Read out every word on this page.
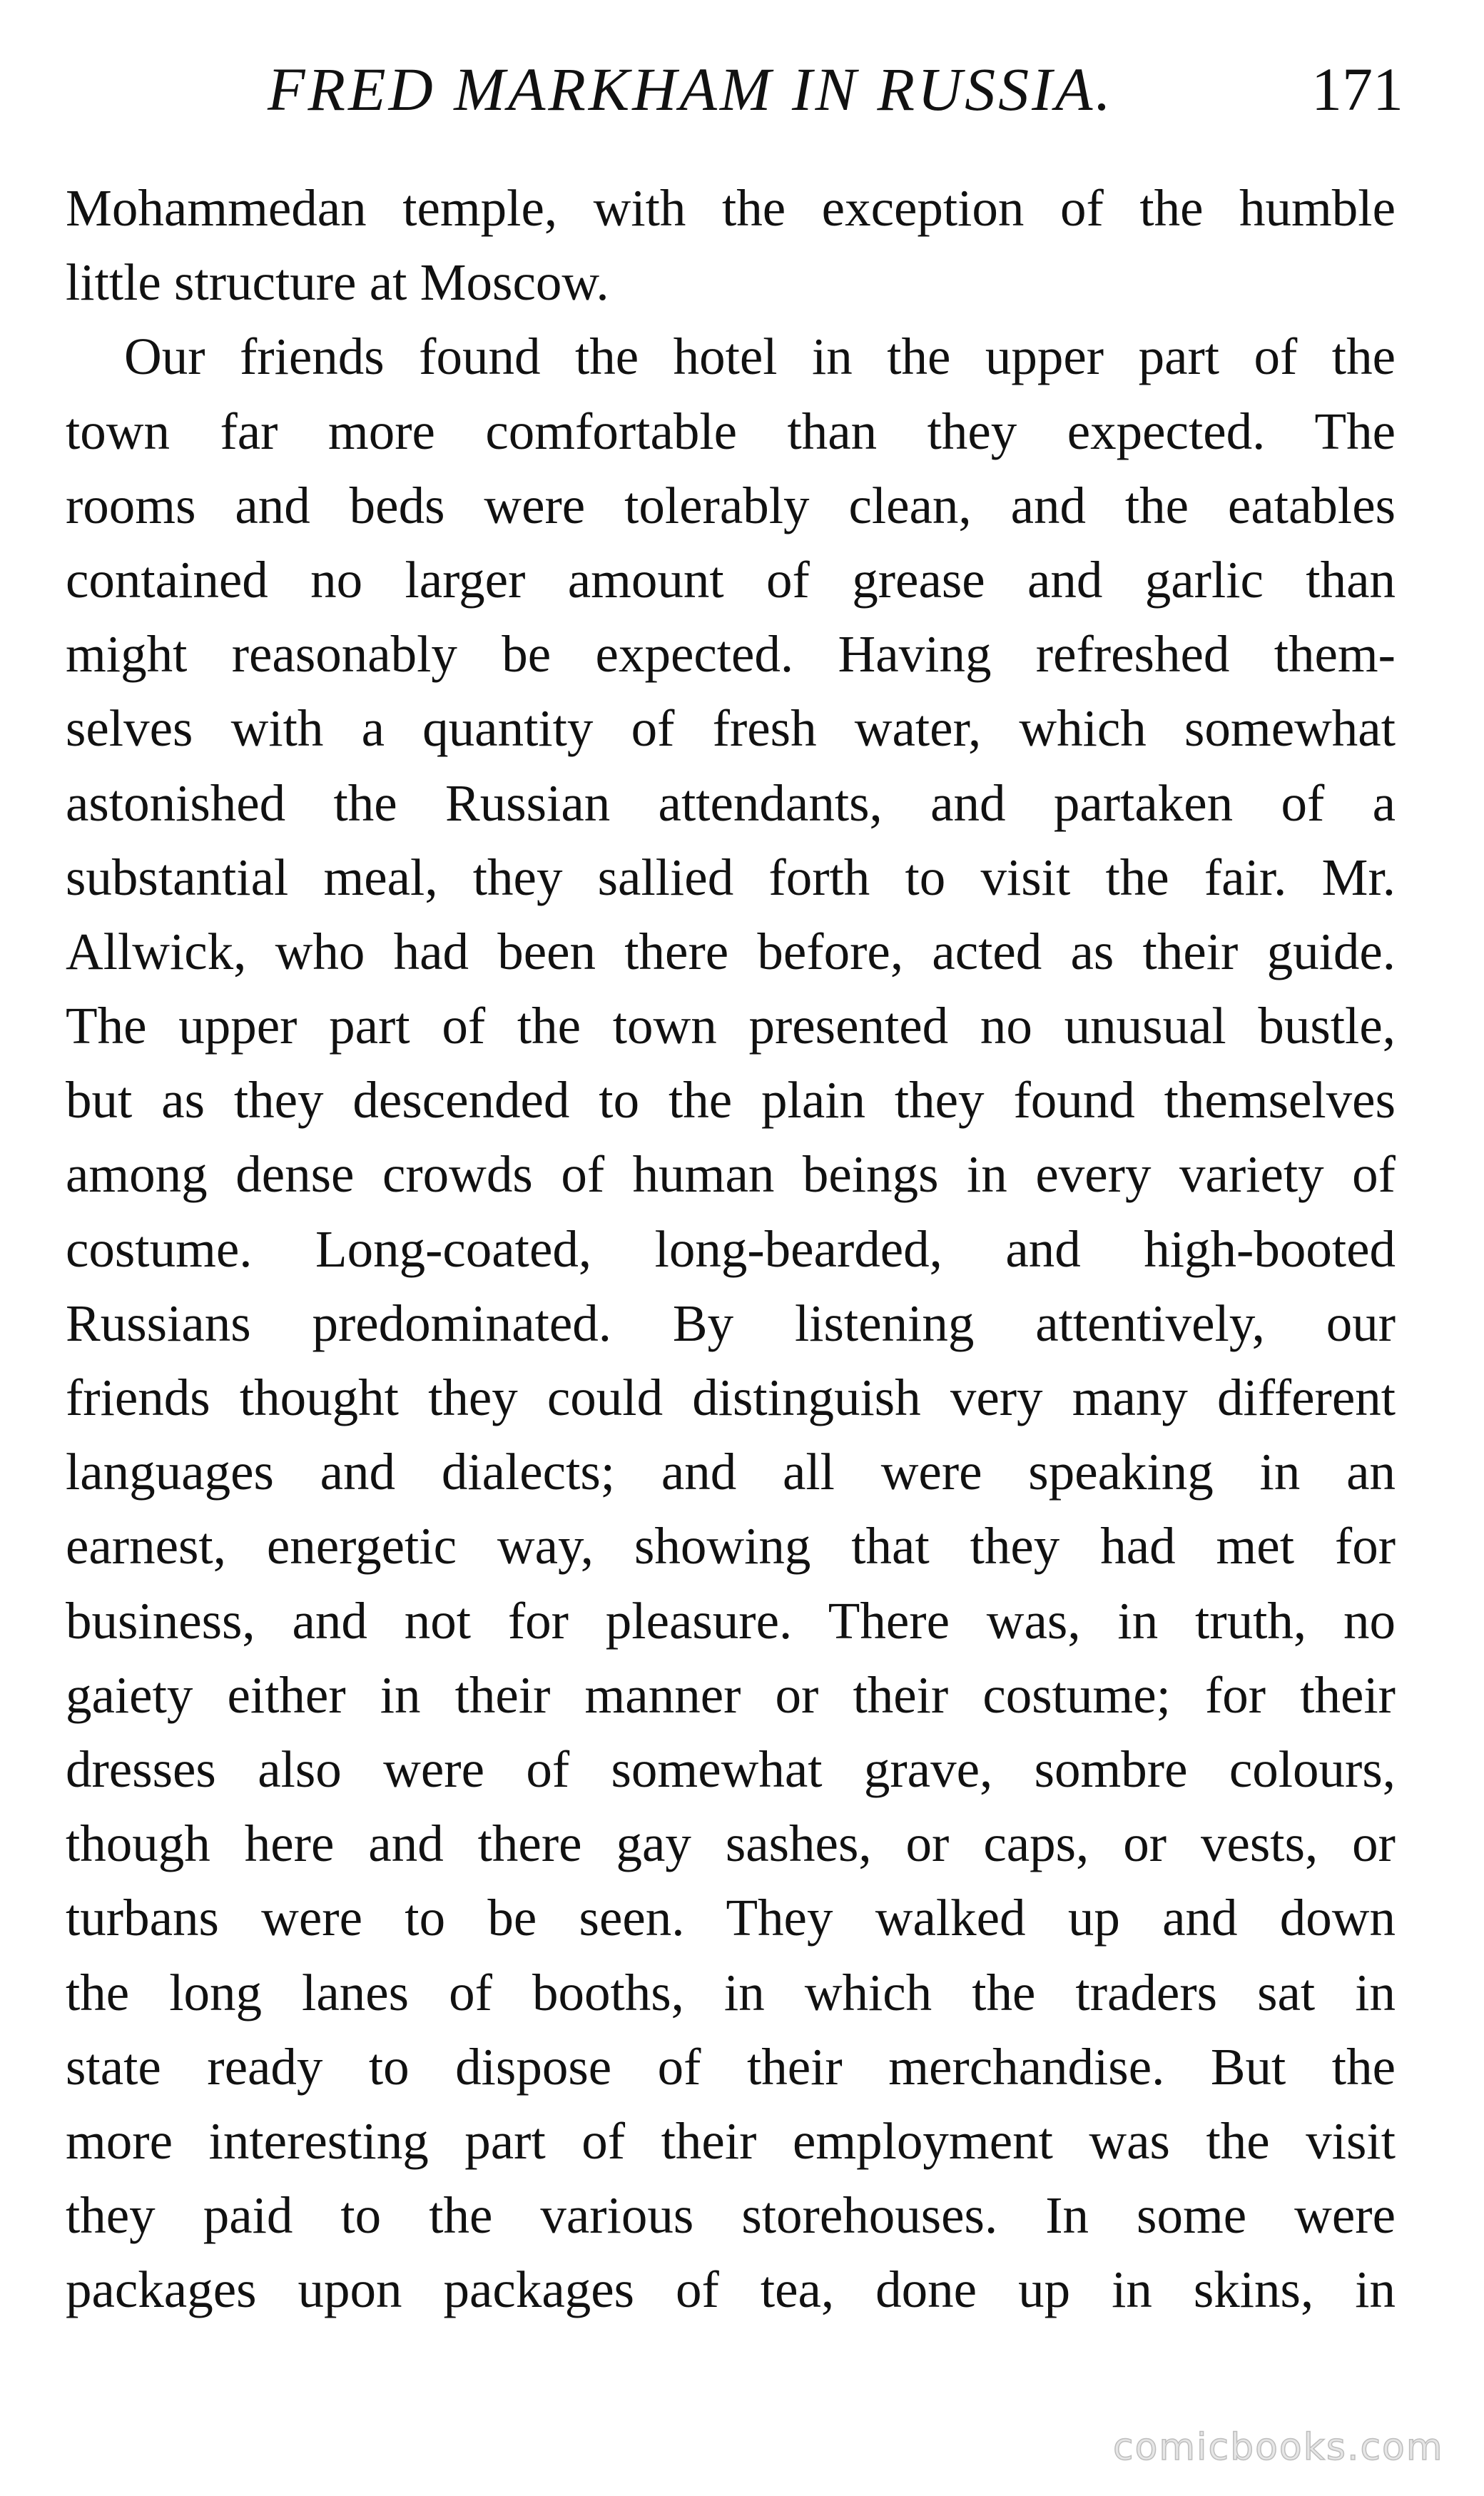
FRED MARKHAM IN RUSSIA.	171
Mohammedan temple, with the exception of the humble
little structure at Moscow.
Our friends found the hotel in the upper part of the
town far more comfortable than they expected. The
rooms and beds were tolerably clean, and the eatables
contained no larger amount of grease and garlic than
might reasonably be expected. Having refreshed them-
selves with a quantity of fresh water, which somewhat
astonished the Russian attendants, and partaken of a
substantial meal, they sallied forth to visit the fair. Mr.
Allwick, who had been there before, acted as their guide.
The upper part of the town presented no unusual bustle,
but as they descended to the plain they found themselves
among dense crowds of human beings in every variety of
costume. Long-coated, long-bearded, and high-booted
Russians predominated. By listening attentively, our
friends thought they could distinguish very many different
languages and dialects; and all were speaking in an
earnest, energetic way, showing that they had met for
business, and not for pleasure. There was, in truth, no
gaiety either in their manner or their costume; for their
dresses also were of somewhat grave, sombre colours,
though here and there gay sashes, or caps, or vests, or
turbans were to be seen. They walked up and down
the long lanes of booths, in which the traders sat in
state ready to dispose of their merchandise. But the
more interesting part of their employment was the visit
they paid to the various storehouses. In some were
packages upon packages of tea, done up in skins, in
comicbooks.com
